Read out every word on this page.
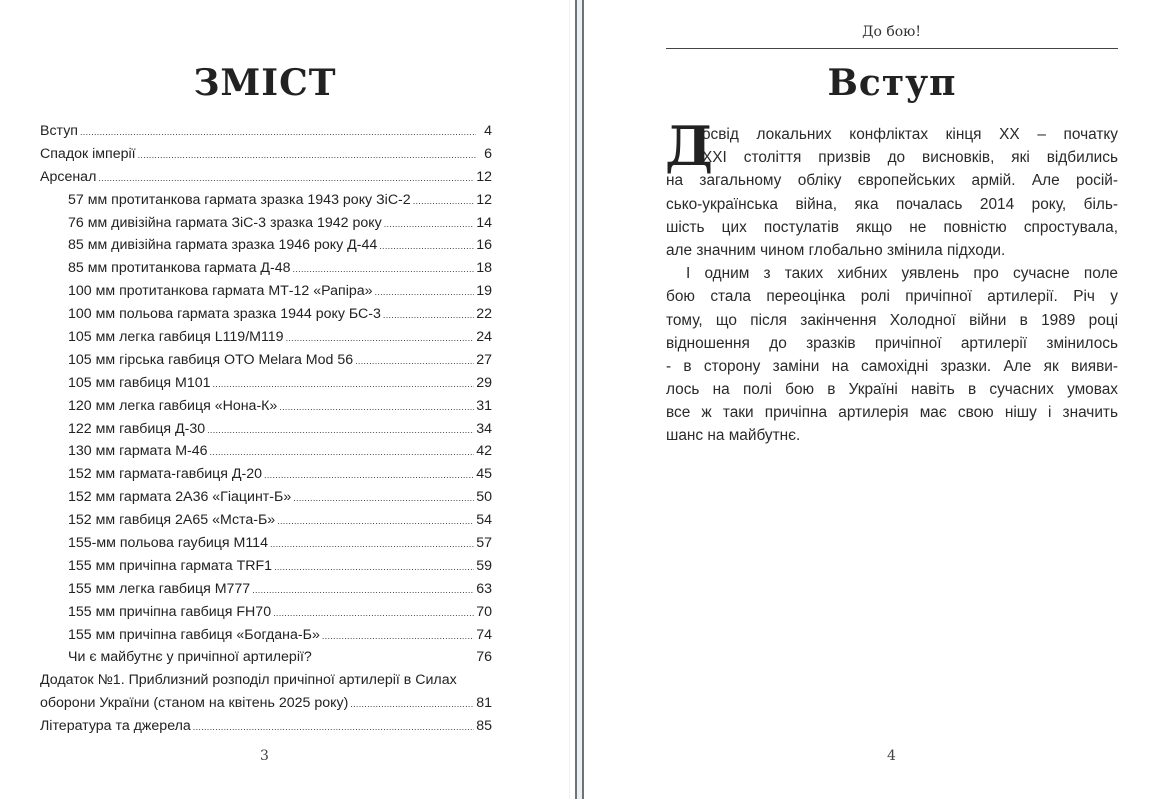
ЗМІСТ
Вступ .....	4
Спадок імперії .....	6
Арсенал .....	12
57 мм протитанкова гармата зразка 1943 року ЗіС-2 .....	12
76 мм дивізійна гармата ЗіС-3 зразка 1942 року .....	14
85 мм дивізійна гармата зразка 1946 року Д-44 .....	16
85 мм протитанкова гармата Д-48 .....	18
100 мм протитанкова гармата МТ-12 «Рапіра» .....	19
100 мм польова гармата зразка 1944 року БС-3 .....	22
105 мм легка гавбиця L119/M119 .....	24
105 мм гірська гавбиця OTO Melara Mod 56 .....	27
105 мм гавбиця M101 .....	29
120 мм легка гавбиця «Нона-К» .....	31
122 мм гавбиця Д-30 .....	34
130 мм гармата М-46 .....	42
152 мм гармата-гавбиця Д-20 .....	45
152 мм гармата 2А36 «Гіацинт-Б» .....	50
152 мм гавбиця 2А65 «Мста-Б» .....	54
155-мм польова гаубиця M114 .....	57
155 мм причіпна гармата TRF1 .....	59
155 мм легка гавбиця M777 .....	63
155 мм причіпна гавбиця FH70 .....	70
155 мм причіпна гавбиця «Богдана-Б» .....	74
Чи є майбутнє у причіпної артилерії?	76
Додаток №1. Приблизний розподіл причіпної артилерії в Силах
оборони України (станом на квітень 2025 року) .....	81
Література та джерела .....	85
3
До бою!
Вступ
Д
освід локальних конфліктах кінця XX – початку
XXI століття призвів до висновків, які відбились
на загальному обліку європейських армій. Але росій-
сько-українська війна, яка почалась 2014 року, біль-
шість цих постулатів якщо не повністю спростувала,
але значним чином глобально змінила підходи.
І одним з таких хибних уявлень про сучасне поле
бою стала переоцінка ролі причіпної артилерії. Річ у
тому, що після закінчення Холодної війни в 1989 році
відношення до зразків причіпної артилерії змінилось
- в сторону заміни на самохідні зразки. Але як вияви-
лось на полі бою в Україні навіть в сучасних умовах
все ж таки причіпна артилерія має свою нішу і значить
шанс на майбутнє.
4
